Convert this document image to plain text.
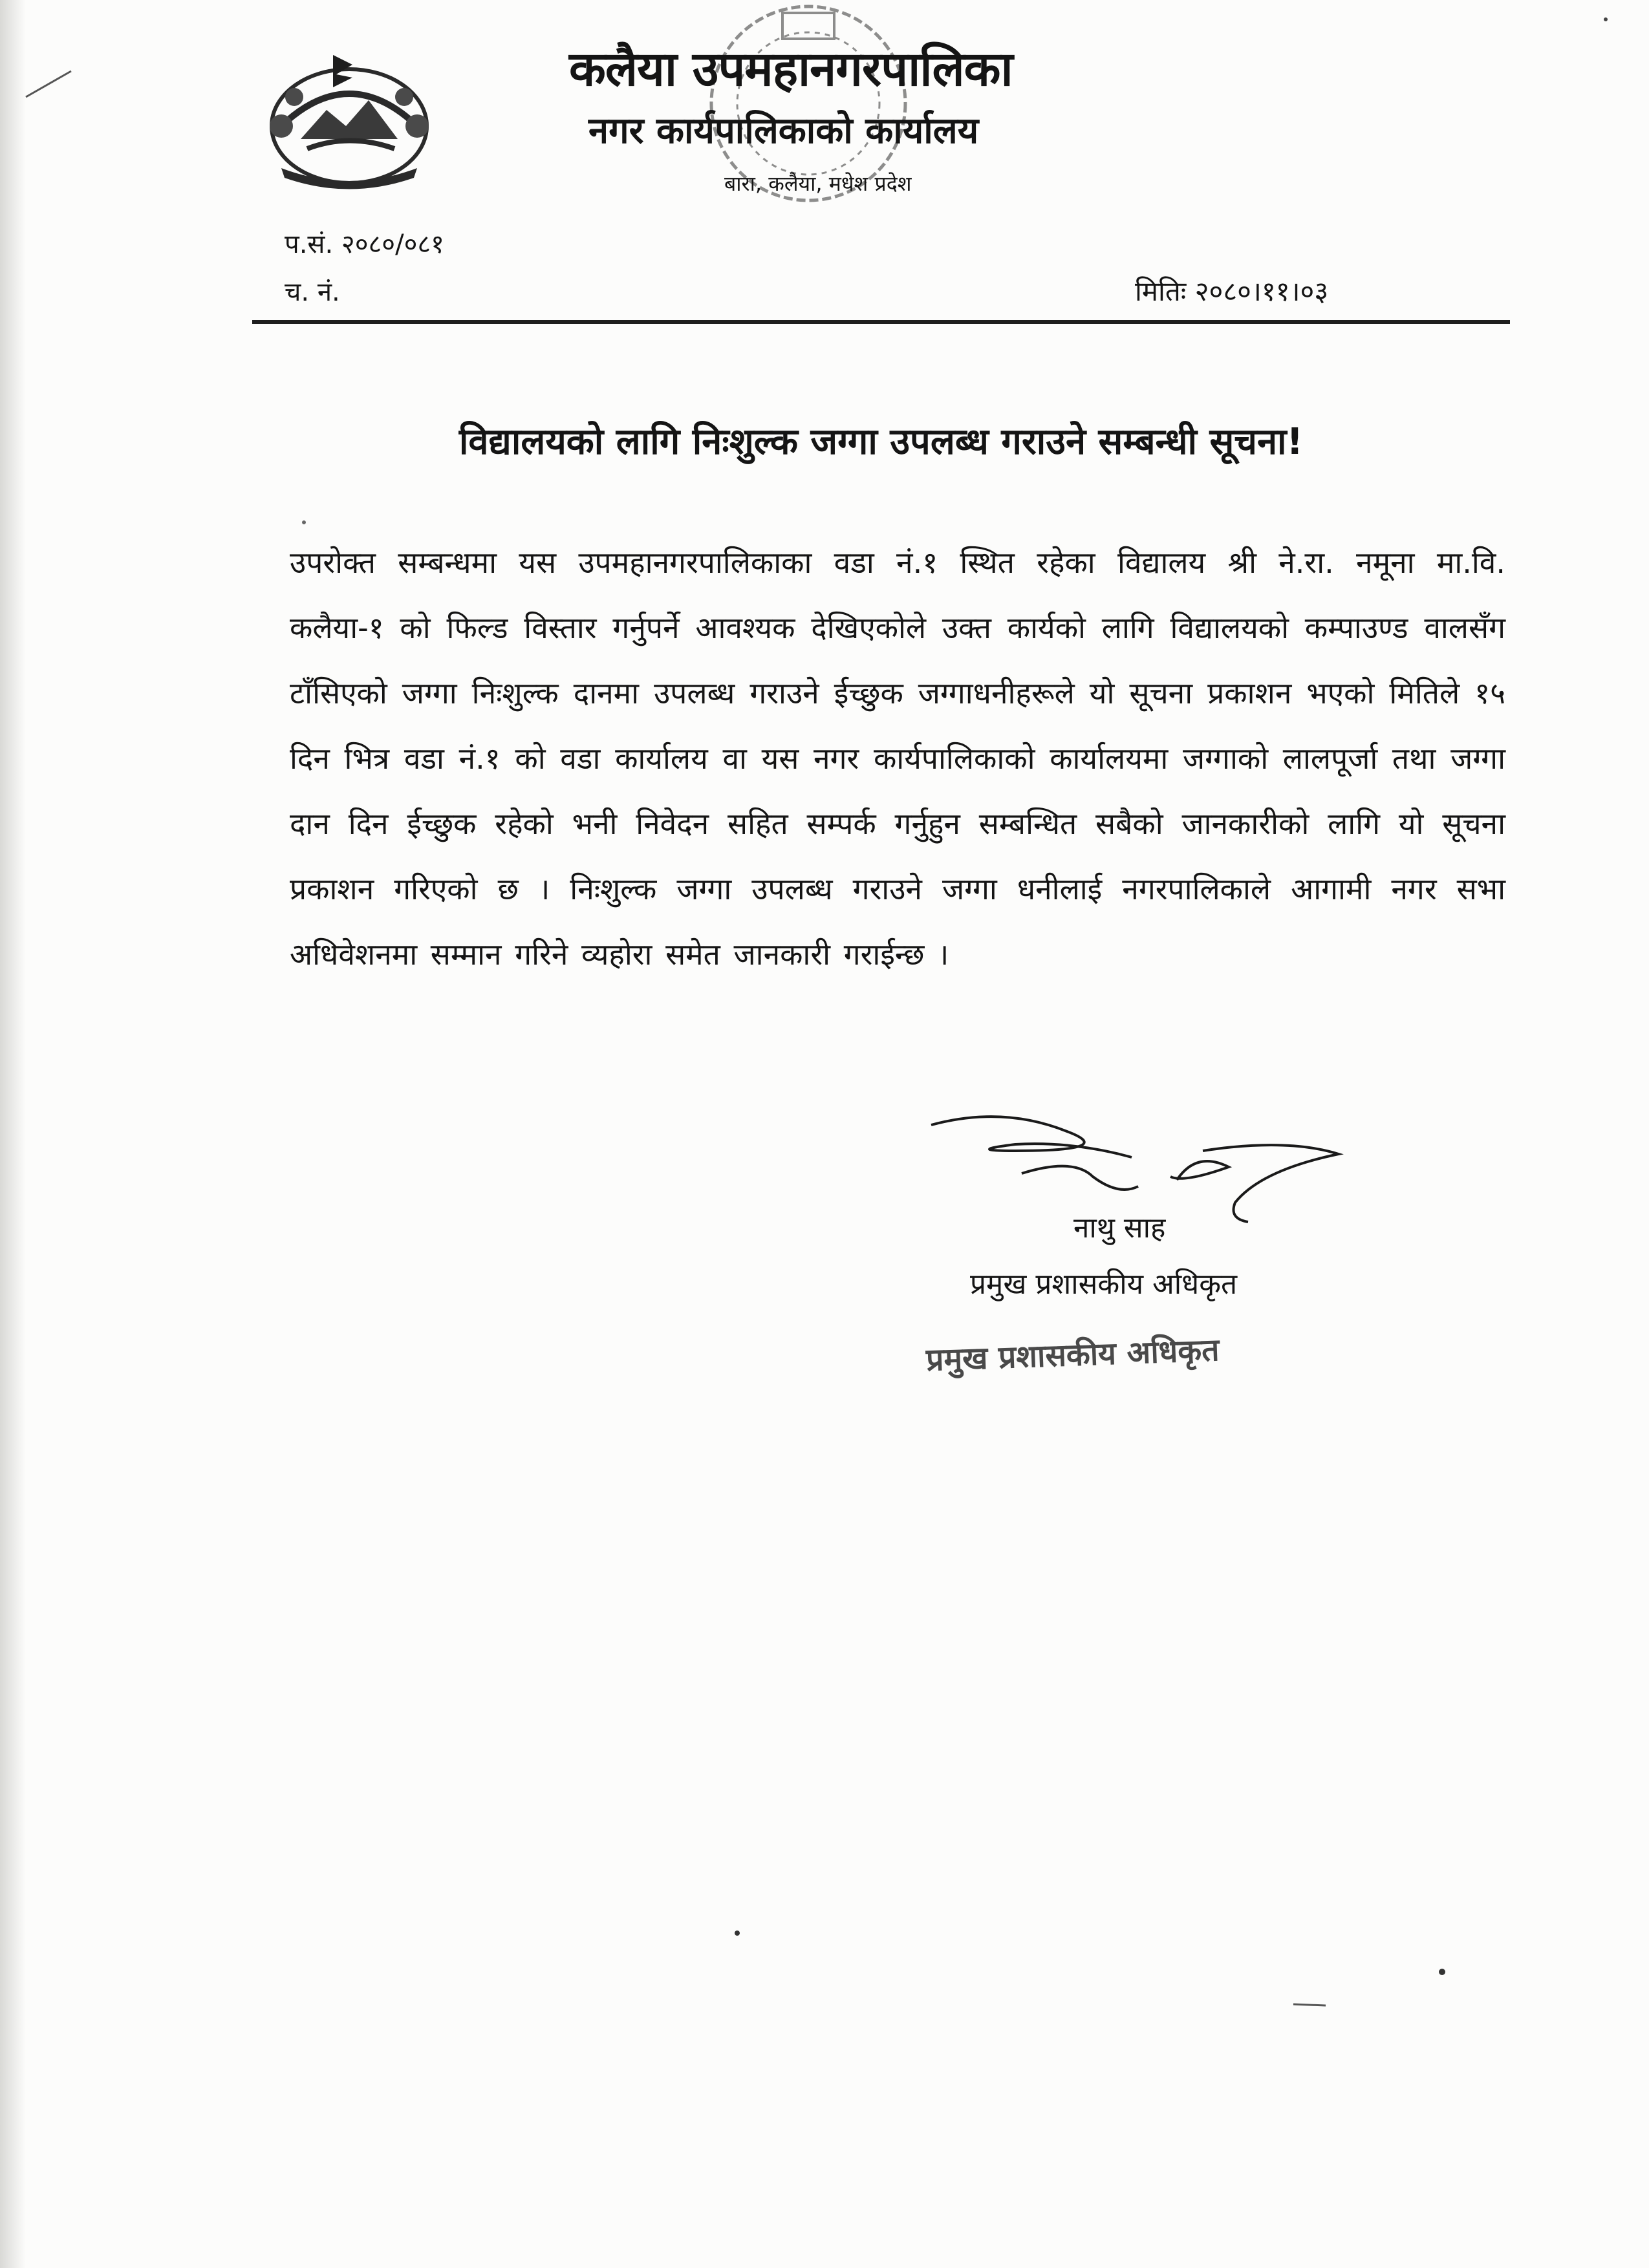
कलैया उपमहानगरपालिका
नगर कार्यपालिकाको कार्यालय
बारा, कलैया, मधेश प्रदेश
प.सं. २०८०/०८१
च. नं.	मितिः २०८०।११।०३
विद्यालयको लागि निःशुल्क जग्गा उपलब्ध गराउने सम्बन्धी सूचना!
उपरोक्त सम्बन्धमा यस उपमहानगरपालिकाका वडा नं.१ स्थित रहेका विद्यालय श्री ने.रा. नमूना मा.वि. कलैया-१ को फिल्ड विस्तार गर्नुपर्ने आवश्यक देखिएकोले उक्त कार्यको लागि विद्यालयको कम्पाउण्ड वालसँग टाँसिएको जग्गा निःशुल्क दानमा उपलब्ध गराउने ईच्छुक जग्गाधनीहरूले यो सूचना प्रकाशन भएको मितिले १५ दिन भित्र वडा नं.१ को वडा कार्यालय वा यस नगर कार्यपालिकाको कार्यालयमा जग्गाको लालपूर्जा तथा जग्गा दान दिन ईच्छुक रहेको भनी निवेदन सहित सम्पर्क गर्नुहुन सम्बन्धित सबैको जानकारीको लागि यो सूचना प्रकाशन गरिएको छ । निःशुल्क जग्गा उपलब्ध गराउने जग्गा धनीलाई नगरपालिकाले आगामी नगर सभा अधिवेशनमा सम्मान गरिने व्यहोरा समेत जानकारी गराईन्छ ।
नाथु साह
प्रमुख प्रशासकीय अधिकृत
प्रमुख प्रशासकीय अधिकृत
